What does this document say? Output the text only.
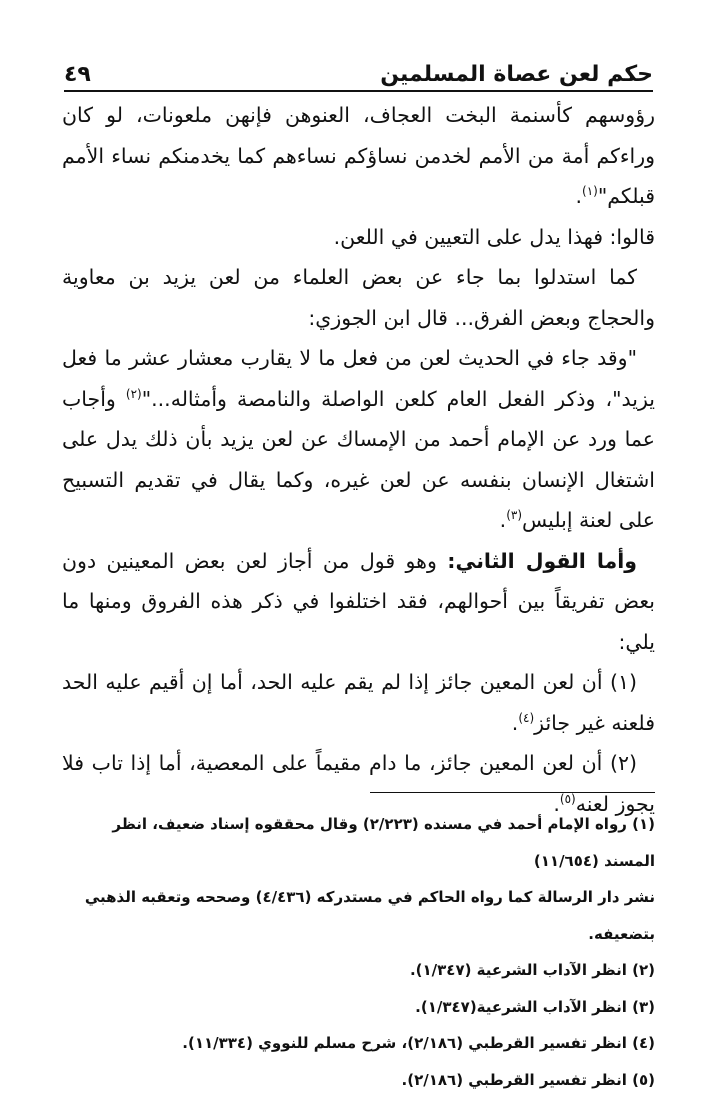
حكم لعن عصاة المسلمين
٤٩

رؤوسهم كأسنمة البخت العجاف، العنوهن فإنهن ملعونات، لو كان وراءكم أمة من الأمم لخدمن نساؤكم نساءهم كما يخدمنكم نساء الأمم قبلكم"$^{(١)}$.

قالوا: فهذا يدل على التعيين في اللعن.

كما استدلوا بما جاء عن بعض العلماء من لعن يزيد بن معاوية والحجاج وبعض الفرق... قال ابن الجوزي:

"وقد جاء في الحديث لعن من فعل ما لا يقارب معشار عشر ما فعل يزيد"، وذكر الفعل العام كلعن الواصلة والنامصة وأمثاله..."$^{(٢)}$ وأجاب عما ورد عن الإمام أحمد من الإمساك عن لعن يزيد بأن ذلك يدل على اشتغال الإنسان بنفسه عن لعن غيره، وكما يقال في تقديم التسبيح على لعنة إبليس$^{(٣)}$.

وأما القول الثاني: وهو قول من أجاز لعن بعض المعينين دون بعض تفريقاً بين أحوالهم، فقد اختلفوا في ذكر هذه الفروق ومنها ما يلي:

(١) أن لعن المعين جائز إذا لم يقم عليه الحد، أما إن أقيم عليه الحد فلعنه غير جائز$^{(٤)}$.

(٢) أن لعن المعين جائز، ما دام مقيماً على المعصية، أما إذا تاب فلا يجوز لعنه$^{(٥)}$.

(١) رواه الإمام أحمد في مسنده (٢/٢٢٣) وقال محققوه إسناد ضعيف، انظر المسند (١١/٦٥٤)

نشر دار الرسالة كما رواه الحاكم في مستدركه (٤/٤٣٦) وصححه وتعقبه الذهبي بتضعيفه.

(٢) انظر الآداب الشرعية (١/٣٤٧).

(٣) انظر الآداب الشرعية(١/٣٤٧).

(٤) انظر تفسير القرطبي (٢/١٨٦)، شرح مسلم للنووي (١١/٣٣٤).

(٥) انظر تفسير القرطبي (٢/١٨٦).
